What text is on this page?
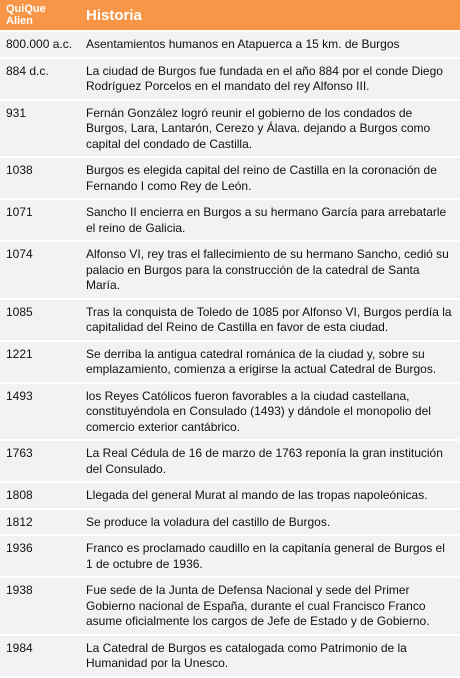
QuiQue Alien	Historia
800.000 a.c.	Asentamientos humanos en Atapuerca a 15 km. de Burgos
884 d.c.	La ciudad de Burgos fue fundada en el año 884 por el conde Diego Rodríguez Porcelos en el mandato del rey Alfonso III.
931	Fernán González logró reunir el gobierno de los condados de Burgos, Lara, Lantarón, Cerezo y Álava. dejando a Burgos como capital del condado de Castilla.
1038	Burgos es elegida capital del reino de Castilla en la coronación de Fernando I como Rey de León.
1071	Sancho II encierra en Burgos a su hermano García para arrebatarle el reino de Galicia.
1074	Alfonso VI, rey tras el fallecimiento de su hermano Sancho, cedió su palacio en Burgos para la construcción de la catedral de Santa María.
1085	Tras la conquista de Toledo de 1085 por Alfonso VI, Burgos perdía la capitalidad del Reino de Castilla en favor de esta ciudad.
1221	Se derriba la antigua catedral románica de la ciudad y, sobre su emplazamiento, comienza a erigirse la actual Catedral de Burgos.
1493	los Reyes Católicos fueron favorables a la ciudad castellana, constituyéndola en Consulado (1493) y dándole el monopolio del comercio exterior cantábrico.
1763	La Real Cédula de 16 de marzo de 1763 reponía la gran institución del Consulado.
1808	Llegada del general Murat al mando de las tropas napoleónicas.
1812	Se produce la voladura del castillo de Burgos.
1936	Franco es proclamado caudillo en la capitanía general de Burgos el 1 de octubre de 1936.
1938	Fue sede de la Junta de Defensa Nacional y sede del Primer Gobierno nacional de España, durante el cual Francisco Franco asume oficialmente los cargos de Jefe de Estado y de Gobierno.
1984	La Catedral de Burgos es catalogada como Patrimonio de la Humanidad por la Unesco.
